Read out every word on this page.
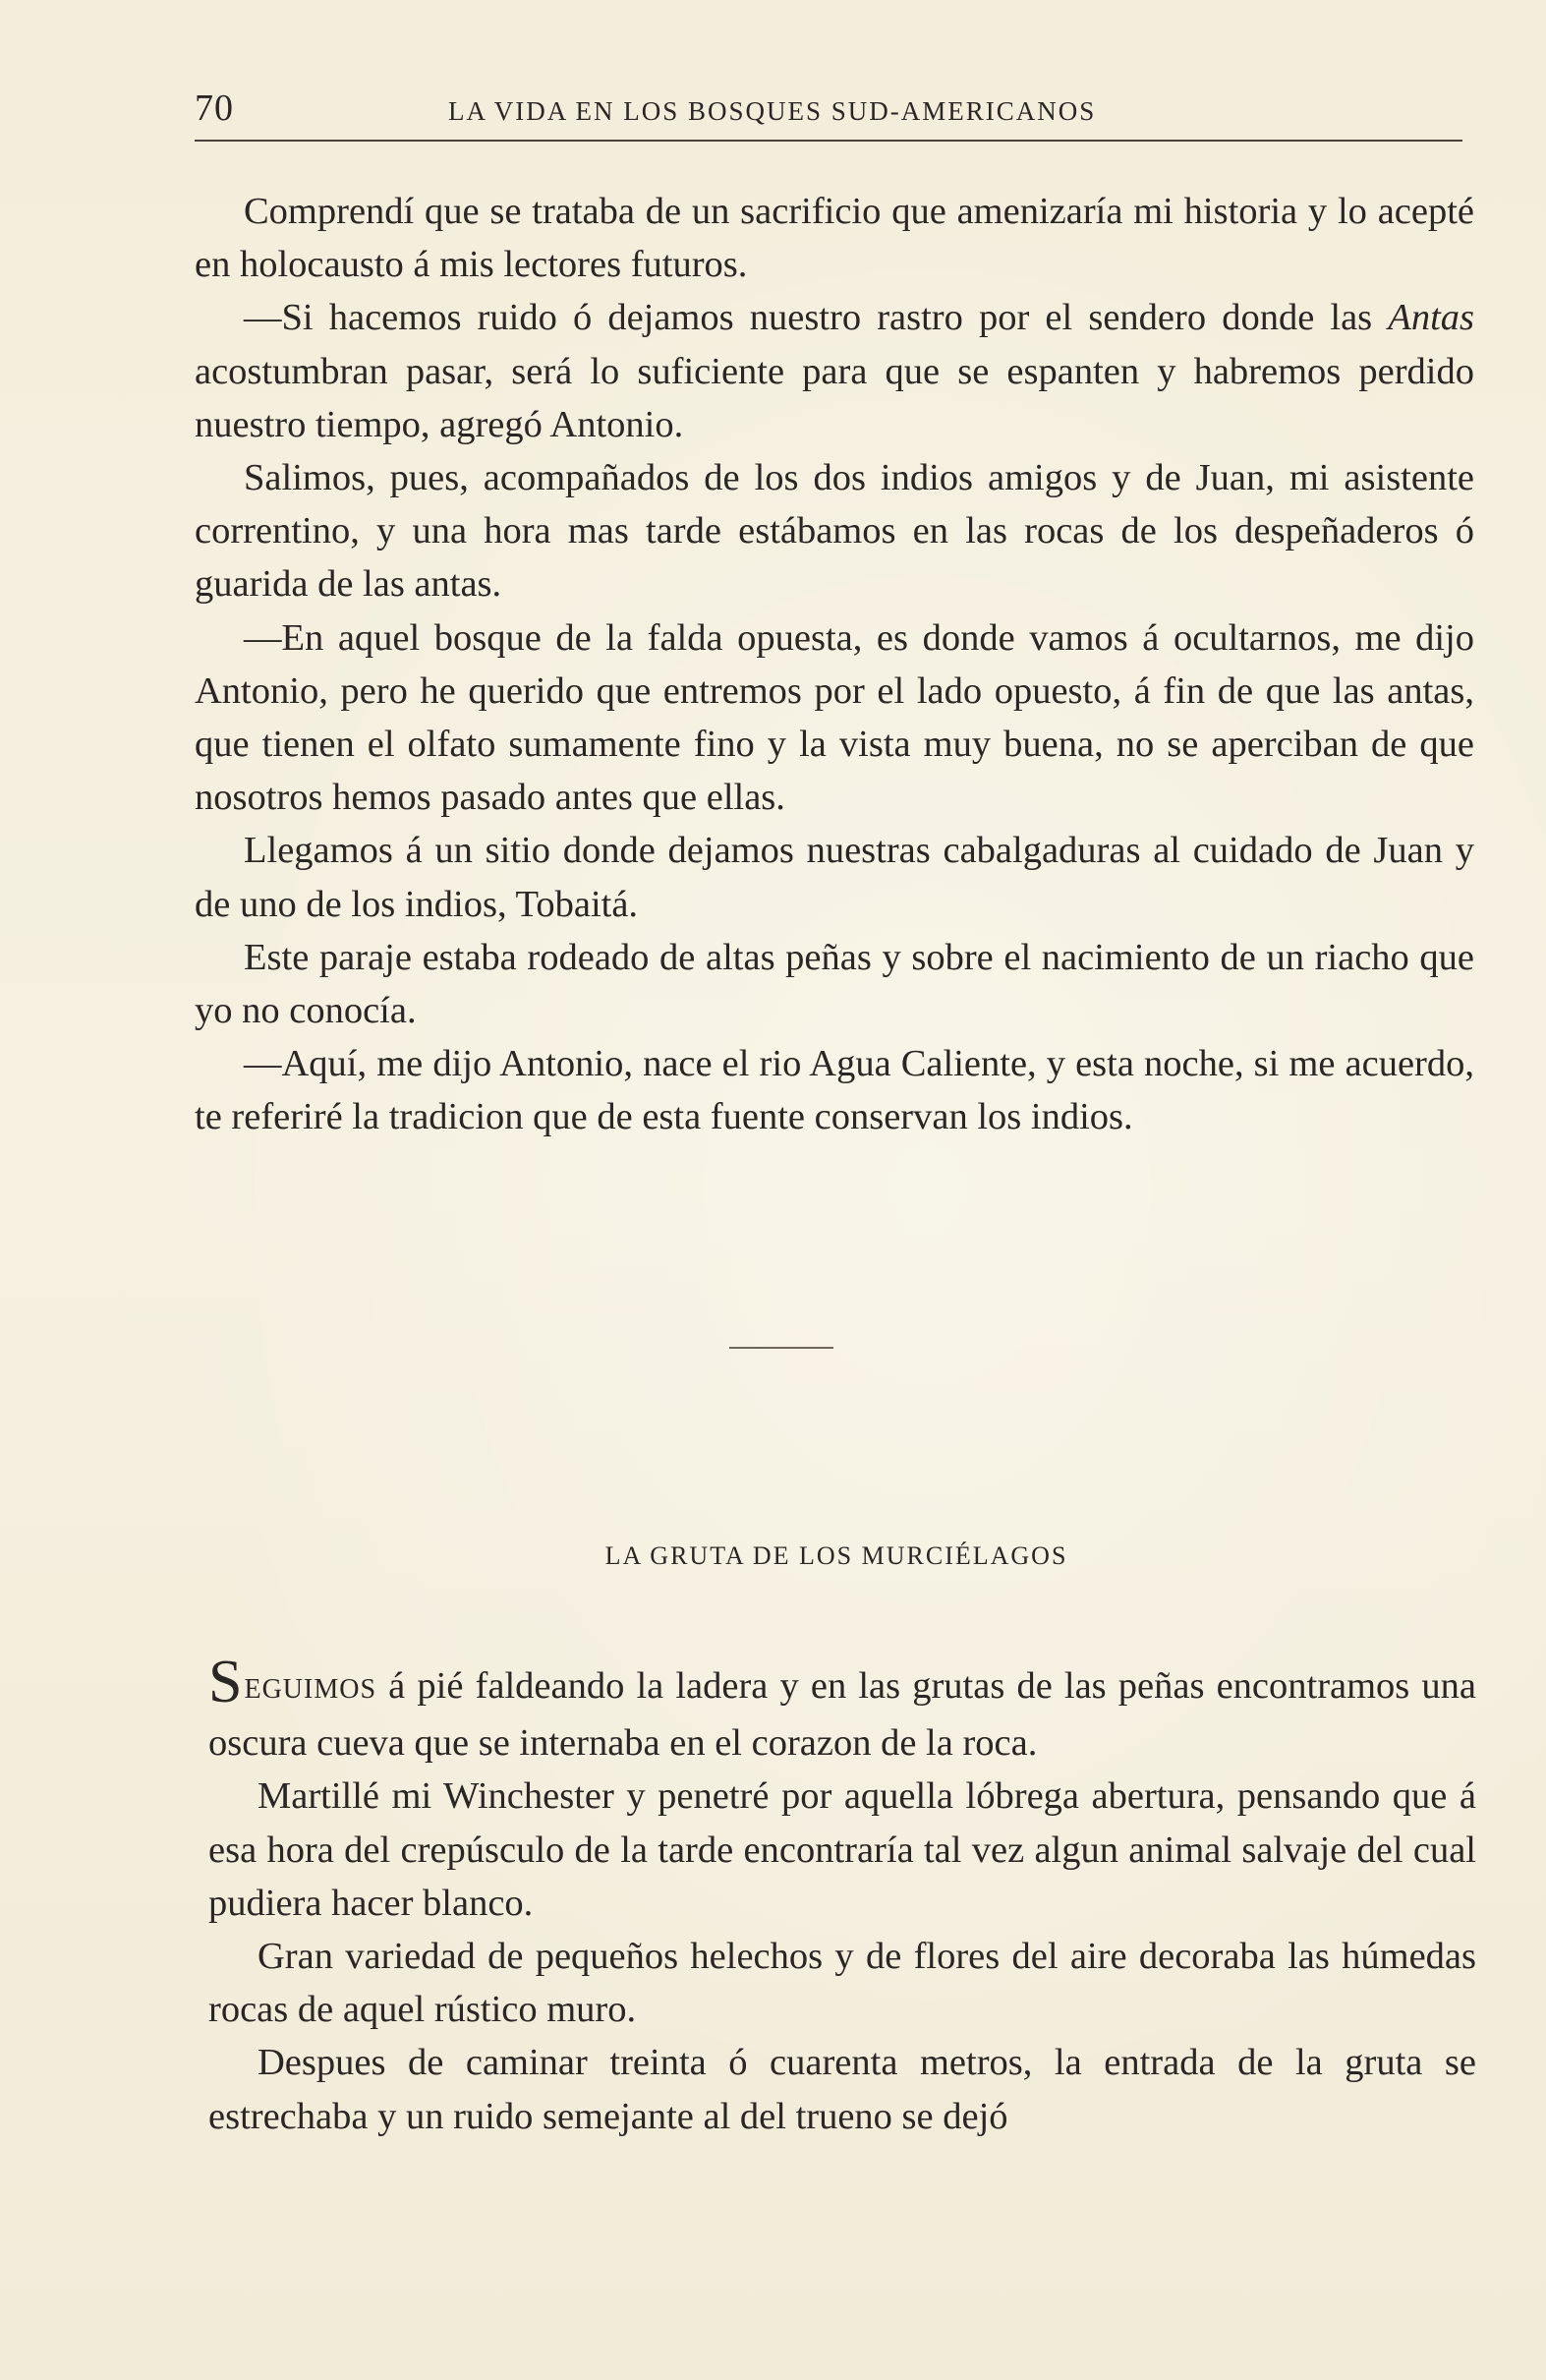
70	LA VIDA EN LOS BOSQUES SUD-AMERICANOS

Comprendí que se trataba de un sacrificio que amenizaría mi historia y lo acepté en holocausto á mis lectores futuros.

—Si hacemos ruido ó dejamos nuestro rastro por el sendero donde las Antas acostumbran pasar, será lo suficiente para que se espanten y habremos perdido nuestro tiempo, agregó Antonio.

Salimos, pues, acompañados de los dos indios amigos y de Juan, mi asistente correntino, y una hora mas tarde estábamos en las rocas de los despeñaderos ó guarida de las antas.

—En aquel bosque de la falda opuesta, es donde vamos á ocultarnos, me dijo Antonio, pero he querido que entremos por el lado opuesto, á fin de que las antas, que tienen el olfato sumamente fino y la vista muy buena, no se aperciban de que nosotros hemos pasado antes que ellas.

Llegamos á un sitio donde dejamos nuestras cabalgaduras al cuidado de Juan y de uno de los indios, Tobaitá.

Este paraje estaba rodeado de altas peñas y sobre el nacimiento de un riacho que yo no conocía.

—Aquí, me dijo Antonio, nace el rio Agua Caliente, y esta noche, si me acuerdo, te referiré la tradicion que de esta fuente conservan los indios.

LA GRUTA DE LOS MURCIÉLAGOS

SEGUIMOS á pié faldeando la ladera y en las grutas de las peñas encontramos una oscura cueva que se internaba en el corazon de la roca.

Martillé mi Winchester y penetré por aquella lóbrega abertura, pensando que á esa hora del crepúsculo de la tarde encontraría tal vez algun animal salvaje del cual pudiera hacer blanco.

Gran variedad de pequeños helechos y de flores del aire decoraba las húmedas rocas de aquel rústico muro.

Despues de caminar treinta ó cuarenta metros, la entrada de la gruta se estrechaba y un ruido semejante al del trueno se dejó
